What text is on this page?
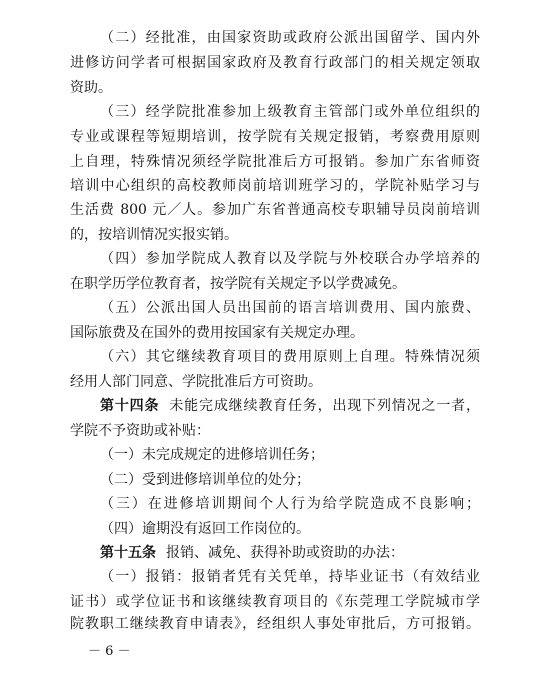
（二）经批准，由国家资助或政府公派出国留学、国内外
进修访问学者可根据国家政府及教育行政部门的相关规定领取
资助。
（三）经学院批准参加上级教育主管部门或外单位组织的
专业或课程等短期培训，按学院有关规定报销，考察费用原则
上自理，特殊情况须经学院批准后方可报销。参加广东省师资
培训中心组织的高校教师岗前培训班学习的，学院补贴学习与
生活费 800 元／人。参加广东省普通高校专职辅导员岗前培训
的，按培训情况实报实销。
（四）参加学院成人教育以及学院与外校联合办学培养的
在职学历学位教育者，按学院有关规定予以学费减免。
（五）公派出国人员出国前的语言培训费用、国内旅费、
国际旅费及在国外的费用按国家有关规定办理。
（六）其它继续教育项目的费用原则上自理。特殊情况须
经用人部门同意、学院批准后方可资助。
第十四条 未能完成继续教育任务，出现下列情况之一者，
学院不予资助或补贴：
（一）未完成规定的进修培训任务；
（二）受到进修培训单位的处分；
（三）在进修培训期间个人行为给学院造成不良影响；
（四）逾期没有返回工作岗位的。
第十五条 报销、减免、获得补助或资助的办法：
（一）报销：报销者凭有关凭单，持毕业证书（有效结业
证书）或学位证书和该继续教育项目的《东莞理工学院城市学
院教职工继续教育申请表》，经组织人事处审批后，方可报销。
－ 6 －
